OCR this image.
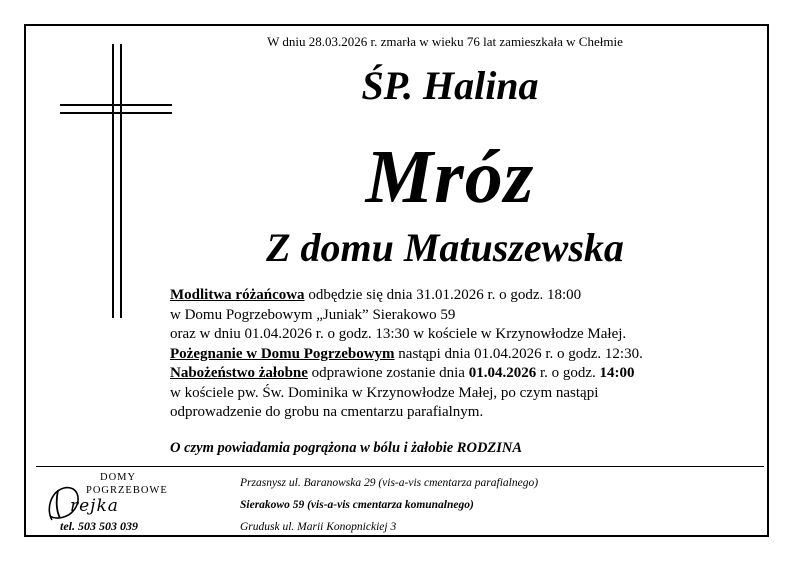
W dniu 28.03.2026 r. zmarła w wieku 76 lat zamieszkała w Chełmie
ŚP. Halina
Mróz
Z domu Matuszewska
Modlitwa różańcowa odbędzie się dnia 31.01.2026 r. o godz. 18:00
w Domu Pogrzebowym „Juniak” Sierakowo 59
oraz w dniu 01.04.2026 r. o godz. 13:30 w kościele w Krzynowłodze Małej.
Pożegnanie w Domu Pogrzebowym nastąpi dnia 01.04.2026 r. o godz. 12:30.
Nabożeństwo żałobne odprawione zostanie dnia 01.04.2026 r. o godz. 14:00
w kościele pw. Św. Dominika w Krzynowłodze Małej, po czym nastąpi
odprowadzenie do grobu na cmentarzu parafialnym.
O czym powiadamia pogrążona w bólu i żałobie RODZINA
DOMY
POGRZEBOWE
rejka
tel. 503 503 039
Przasnysz ul. Baranowska 29 (vis-a-vis cmentarza parafialnego)
Sierakowo 59 (vis-a-vis cmentarza komunalnego)
Grudusk ul. Marii Konopnickiej 3
